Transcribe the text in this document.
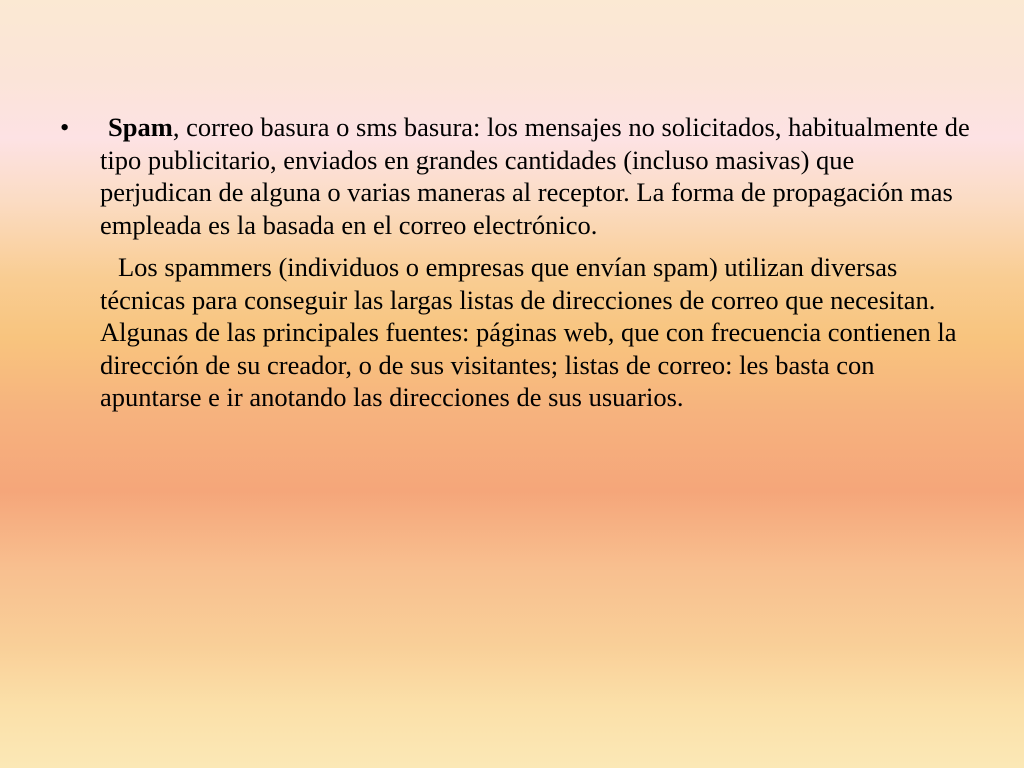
•	Spam, correo basura o sms basura: los mensajes no solicitados, habitualmente de tipo publicitario, enviados en grandes cantidades (incluso masivas) que perjudican de alguna o varias maneras al receptor. La forma de propagación mas empleada es la basada en el correo electrónico.

Los spammers (individuos o empresas que envían spam) utilizan diversas técnicas para conseguir las largas listas de direcciones de correo que necesitan. Algunas de las principales fuentes: páginas web, que con frecuencia contienen la dirección de su creador, o de sus visitantes; listas de correo: les basta con apuntarse e ir anotando las direcciones de sus usuarios.
